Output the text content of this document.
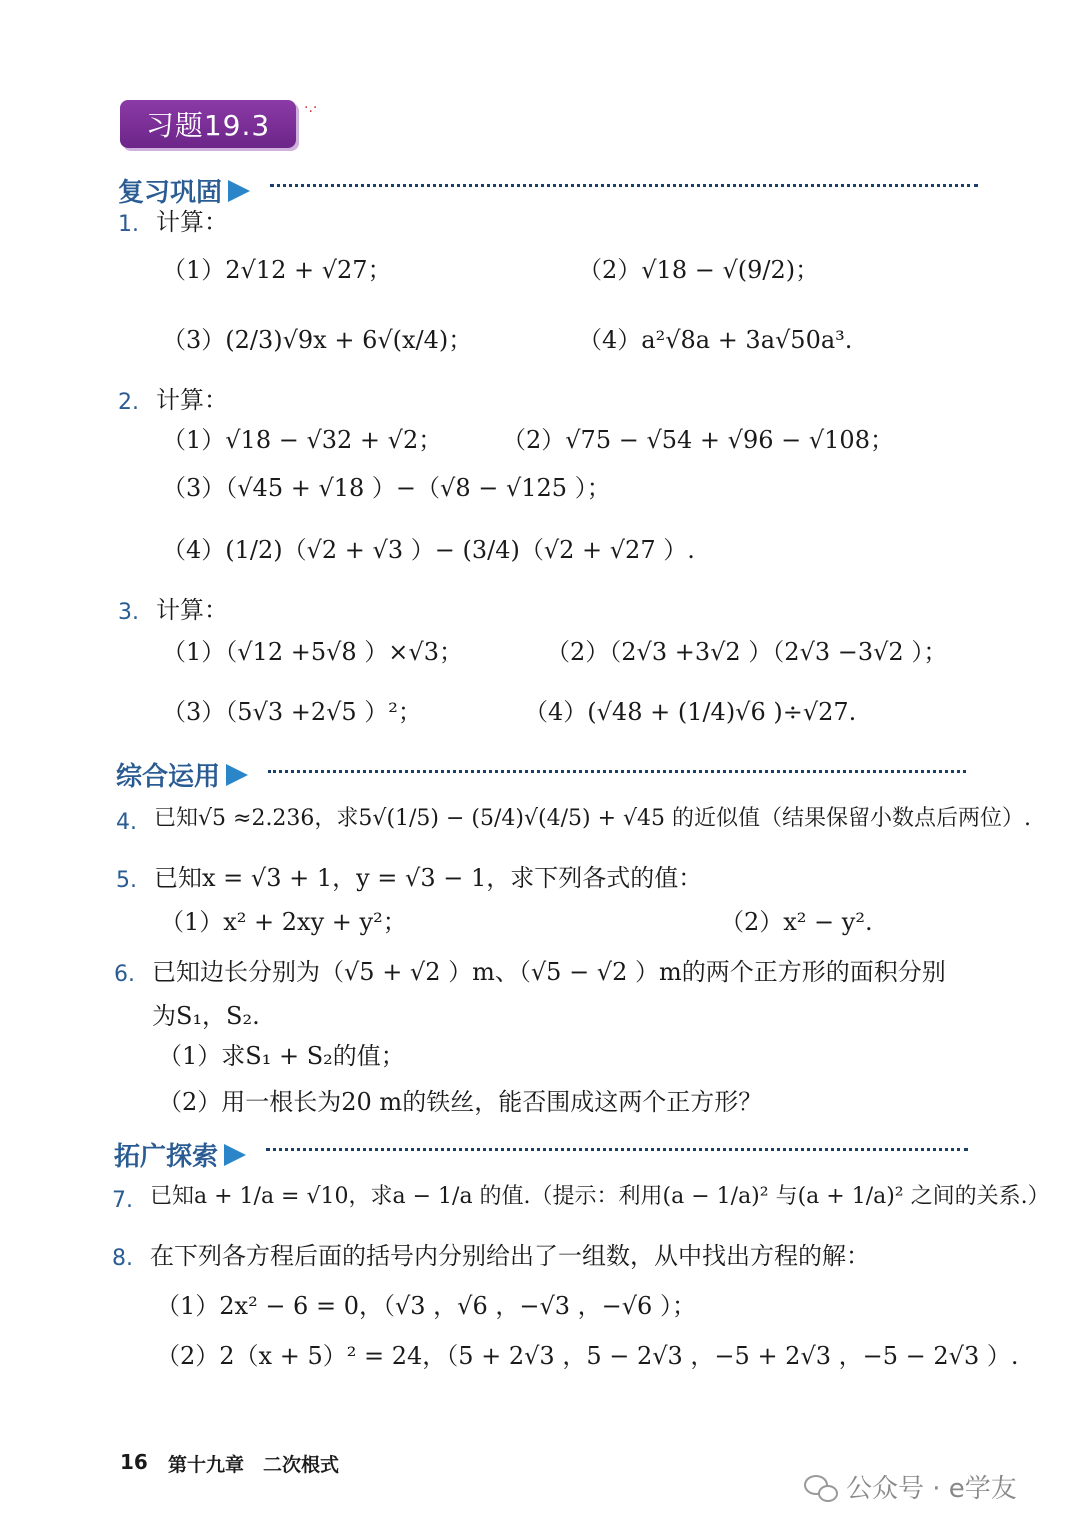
习题19.3
·.·
复习巩固
1. 计算：
（1）2√12 + √27；	（2）√18 − √(9/2)；
（3）(2/3)√9x + 6√(x/4)；	（4）a²√8a + 3a√50a³.
2. 计算：
（1）√18 − √32 + √2； （2）√75 − √54 + √96 − √108；
（3）（√45 + √18 ）−（√8 − √125 ）；
（4）(1/2)（√2 + √3 ）− (3/4)（√2 + √27 ）.
3. 计算：
（1）（√12 +5√8 ）×√3；	（2）（2√3 +3√2 ）（2√3 −3√2 ）；
（3）（5√3 +2√5 ）²；	（4）(√48 + (1/4)√6 )÷√27.
综合运用
4. 已知√5 ≈2.236，求5√(1/5) − (5/4)√(4/5) + √45 的近似值（结果保留小数点后两位）.
5. 已知x = √3 + 1，y = √3 − 1，求下列各式的值：
（1）x² + 2xy + y²；	（2）x² − y².
6. 已知边长分别为（√5 + √2 ）m、（√5 − √2 ）m的两个正方形的面积分别
为S₁，S₂.
（1）求S₁ + S₂的值；
（2）用一根长为20 m的铁丝，能否围成这两个正方形？
拓广探索
7. 已知a + 1/a = √10，求a − 1/a 的值.（提示：利用(a − 1/a)² 与(a + 1/a)² 之间的关系.）
8. 在下列各方程后面的括号内分别给出了一组数，从中找出方程的解：
（1）2x² − 6 = 0，（√3 ，√6 ，−√3 ，−√6 ）；
（2）2（x + 5）² = 24，（5 + 2√3 ，5 − 2√3 ，−5 + 2√3 ，−5 − 2√3 ）.
16 第十九章　二次根式
公众号 · e学友
